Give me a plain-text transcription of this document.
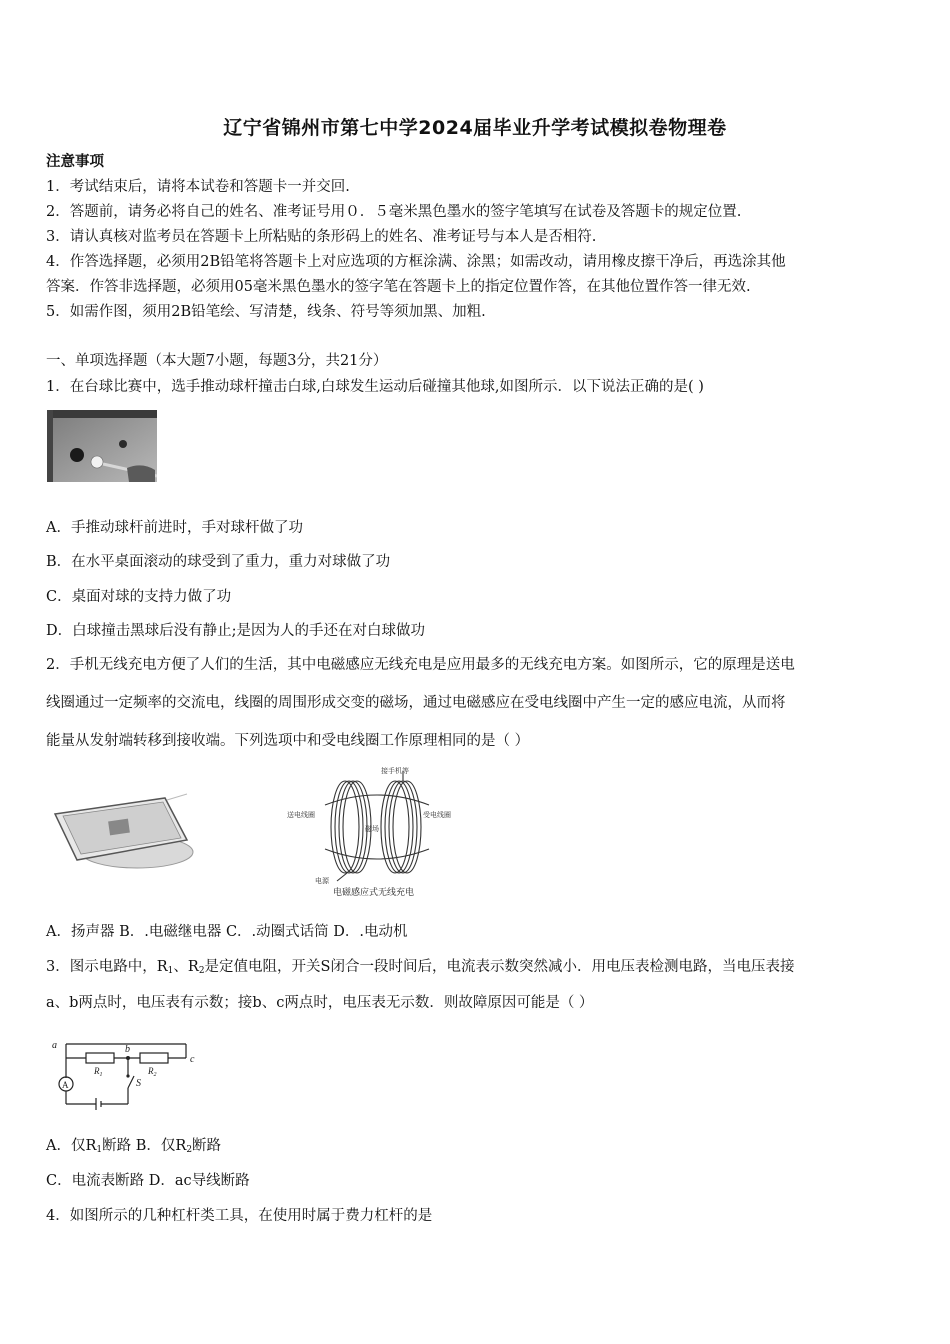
辽宁省锦州市第七中学2024届毕业升学考试模拟卷物理卷
注意事项
1．考试结束后，请将本试卷和答题卡一并交回.
2．答题前，请务必将自己的姓名、准考证号用０．５毫米黑色墨水的签字笔填写在试卷及答题卡的规定位置.
3．请认真核对监考员在答题卡上所粘贴的条形码上的姓名、准考证号与本人是否相符.
4．作答选择题，必须用2B铅笔将答题卡上对应选项的方框涂满、涂黑；如需改动，请用橡皮擦干净后，再选涂其他
答案．作答非选择题，必须用05毫米黑色墨水的签字笔在答题卡上的指定位置作答，在其他位置作答一律无效.
5．如需作图，须用2B铅笔绘、写清楚，线条、符号等须加黑、加粗.
一、单项选择题（本大题7小题，每题3分，共21分）
1．在台球比赛中，选手推动球杆撞击白球,白球发生运动后碰撞其他球,如图所示．以下说法正确的是( )
A．手推动球杆前进时，手对球杆做了功
B．在水平桌面滚动的球受到了重力，重力对球做了功
C．桌面对球的支持力做了功
D．白球撞击黑球后没有静止;是因为人的手还在对白球做功
2．手机无线充电方便了人们的生活，其中电磁感应无线充电是应用最多的无线充电方案。如图所示，它的原理是送电
线圈通过一定频率的交流电，线圈的周围形成交变的磁场，通过电磁感应在受电线圈中产生一定的感应电流，从而将
能量从发射端转移到接收端。下列选项中和受电线圈工作原理相同的是（ ）
接手机等
送电线圈	受电线圈
磁场
电源
电磁感应式无线充电
A．扬声器 B．.电磁继电器 C．.动圈式话筒 D．.电动机
3．图示电路中，$R_1$、$R_2$是定值电阻，开关S闭合一段时间后，电流表示数突然减小．用电压表检测电路，当电压表接
a、b两点时，电压表有示数；接b、c两点时，电压表无示数．则故障原因可能是（ ）
a	b
c
$R_1$	$R_2$
S
A
A．仅$R_1$断路 B．仅$R_2$断路
C．电流表断路 D．ac导线断路
4．如图所示的几种杠杆类工具，在使用时属于费力杠杆的是
